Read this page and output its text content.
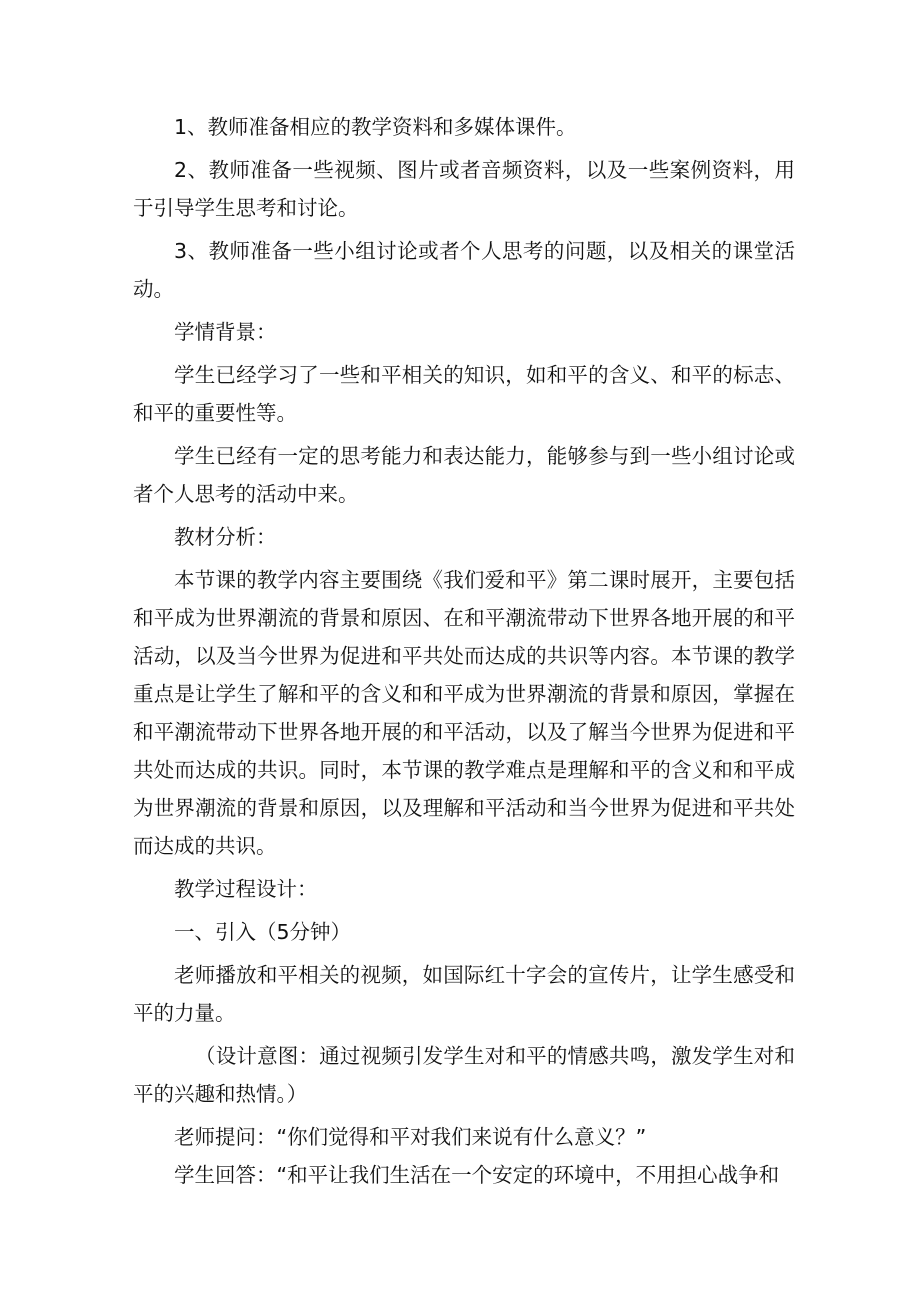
1、教师准备相应的教学资料和多媒体课件。

2、教师准备一些视频、图片或者音频资料，以及一些案例资料，用于引导学生思考和讨论。

3、教师准备一些小组讨论或者个人思考的问题，以及相关的课堂活动。

学情背景：

学生已经学习了一些和平相关的知识，如和平的含义、和平的标志、和平的重要性等。

学生已经有一定的思考能力和表达能力，能够参与到一些小组讨论或者个人思考的活动中来。

教材分析：

本节课的教学内容主要围绕《我们爱和平》第二课时展开，主要包括和平成为世界潮流的背景和原因、在和平潮流带动下世界各地开展的和平活动，以及当今世界为促进和平共处而达成的共识等内容。本节课的教学重点是让学生了解和平的含义和和平成为世界潮流的背景和原因，掌握在和平潮流带动下世界各地开展的和平活动，以及了解当今世界为促进和平共处而达成的共识。同时，本节课的教学难点是理解和平的含义和和平成为世界潮流的背景和原因，以及理解和平活动和当今世界为促进和平共处而达成的共识。

教学过程设计：

一、引入（5分钟）

老师播放和平相关的视频，如国际红十字会的宣传片，让学生感受和平的力量。

（设计意图：通过视频引发学生对和平的情感共鸣，激发学生对和平的兴趣和热情。）

老师提问：“你们觉得和平对我们来说有什么意义？”

学生回答：“和平让我们生活在一个安定的环境中，不用担心战争和
